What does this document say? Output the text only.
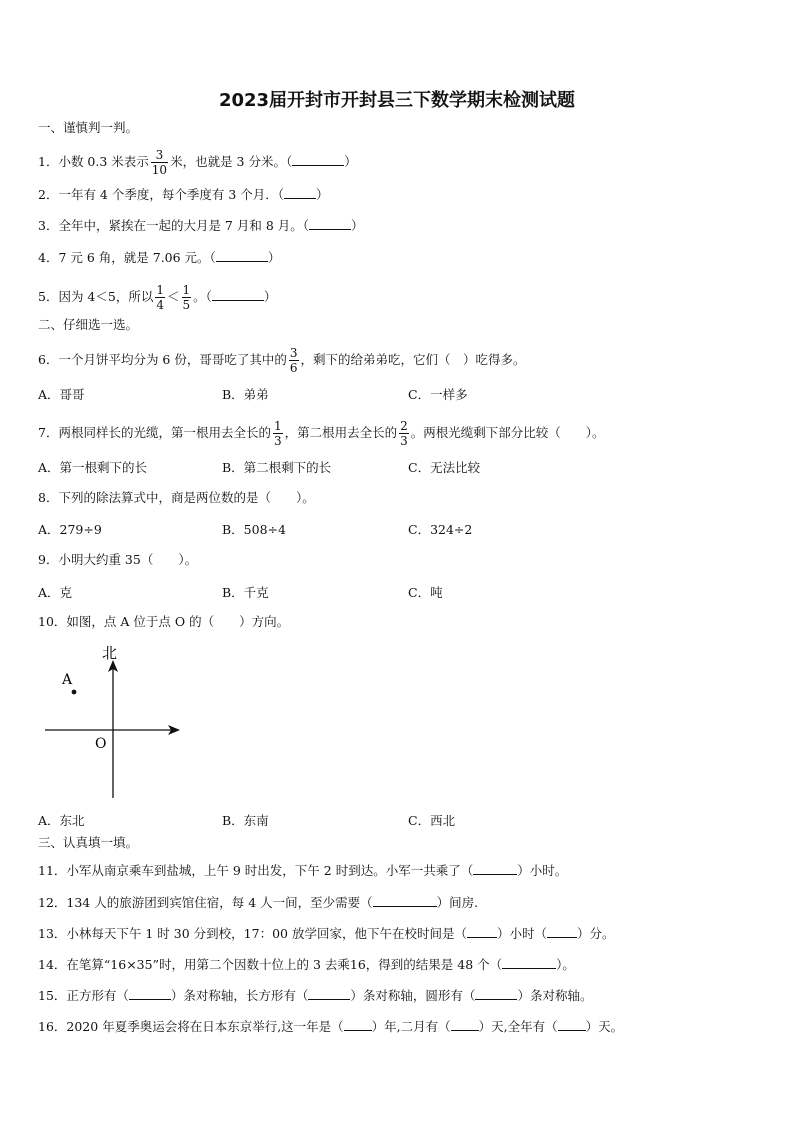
2023届开封市开封县三下数学期末检测试题
一、谨慎判一判。
1．小数 0.3 米表示 $\frac{3}{10}$ 米，也就是 3 分米。（	）
2．一年有 4 个季度，每个季度有 3 个月．（	）
3．全年中，紧挨在一起的大月是 7 月和 8 月。（	）
4．7 元 6 角，就是 7.06 元。（	）
5．因为 4＜5，所以 $\frac{1}{4} < \frac{1}{5}$ 。（	）
二、仔细选一选。
6．一个月饼平均分为 6 份，哥哥吃了其中的 $\frac{3}{6}$ ，剩下的给弟弟吃，它们（　）吃得多。
A．哥哥	B．弟弟	C．一样多
7．两根同样长的光缆，第一根用去全长的 $\frac{1}{3}$ ，第二根用去全长的 $\frac{2}{3}$ 。两根光缆剩下部分比较（　　）。
A．第一根剩下的长	B．第二根剩下的长	C．无法比较
8．下列的除法算式中，商是两位数的是（　　）。
A．279÷9	B．508÷4	C．324÷2
9．小明大约重 35（　　）。
A．克	B．千克	C．吨
10．如图，点 A 位于点 O 的（　　）方向。
北
A
O
A．东北	B．东南	C．西北
三、认真填一填。
11．小军从南京乘车到盐城，上午 9 时出发，下午 2 时到达。小军一共乘了（	）小时。
12．134 人的旅游团到宾馆住宿，每 4 人一间，至少需要（	）间房.
13．小林每天下午 1 时 30 分到校，17：00 放学回家，他下午在校时间是（ ）小时（ ）分。
14．在笔算“16×35”时，用第二个因数十位上的 3 去乘16，得到的结果是 48 个（	）。
15．正方形有（	）条对称轴，长方形有（	）条对称轴，圆形有（	）条对称轴。
16．2020 年夏季奥运会将在日本东京举行,这一年是（ ）年,二月有（ ）天,全年有（ ）天。
